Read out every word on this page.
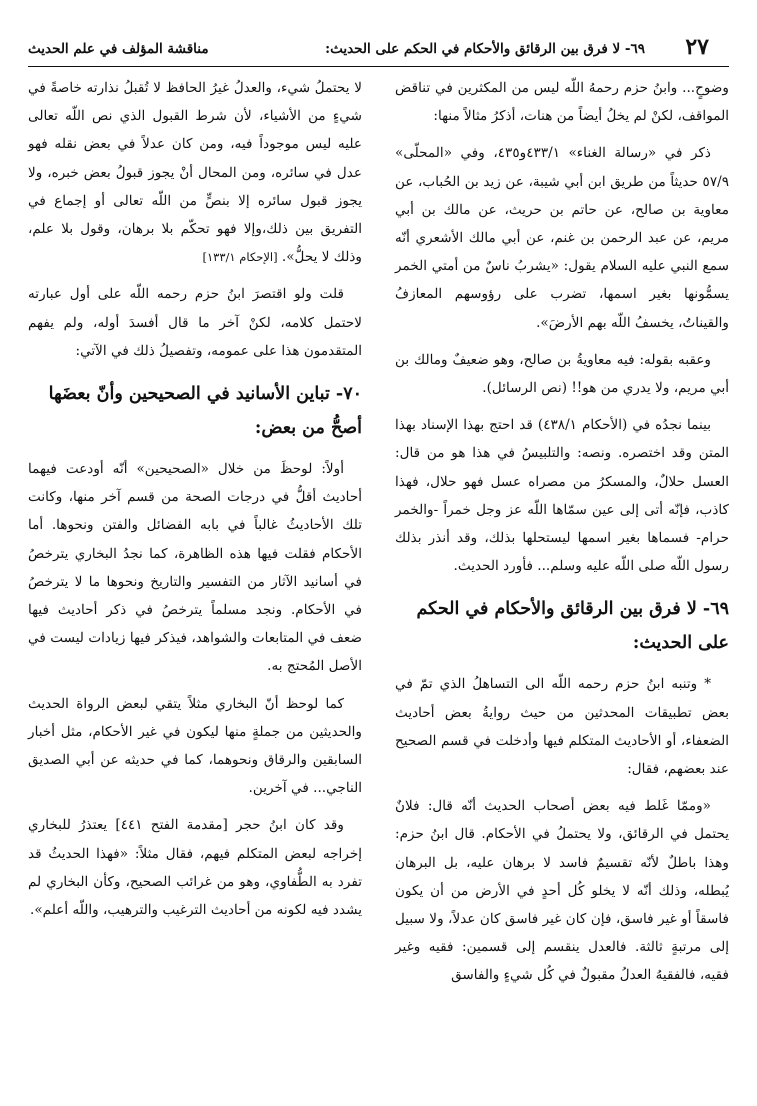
٢٧
٦٩- لا فرق بين الرقائق والأحكام في الحكم على الحديث:
مناقشة المؤلف في علم الحديث

وضوحٍ... وابنُ حزم رحمهُ اللّه ليس من المكثرين في تناقض المواقف، لكنْ لم يخلُ أيضاً من هنات، أذكرُ مثالاً منها:

ذكر في «رسالة الغناء» ٤٣٣/١و٤٣٥، وفي «المحلّى» ٥٧/٩ حديثاً من طريق ابن أبي شيبة، عن زيد بن الحُباب، عن معاوية بن صالح، عن حاتم بن حريث، عن مالك بن أبي مريم، عن عبد الرحمن بن غنم، عن أبي مالك الأشعري أنّه سمع النبي عليه السلام يقول: «يشربُ ناسٌ من أمتي الخمر يسمُّونها بغير اسمها، تضرب على رؤوسهم المعازفُ والقيناتُ، يخسفُ اللّه بهم الأرضَ».

وعقبه بقوله: فيه معاويةُ بن صالح، وهو ضعيفٌ ومالك بن أبي مريم، ولا يدري من هو!! (نص الرسائل).

بينما نجدُه في (الأحكام ٤٣٨/١) قد احتج بهذا الإسناد بهذا المتن وقد اختصره. ونصه: والتلبيسُ في هذا هو من قال: العسل حلالٌ، والمسكرُ من مصراه عسل فهو حلال، فهذا كاذب، فإنّه أتى إلى عين سمّاها اللّه عز وجل خمراً -والخمر حرام- فسماها بغير اسمها ليستحلها بذلك، وقد أنذر بذلك رسول اللّه صلى اللّه عليه وسلم... فأورد الحديث.

٦٩- لا فرق بين الرقائق والأحكام في الحكم على الحديث:

* وتنبه ابنُ حزم رحمه اللّه الى التساهلُ الذي تمّ في بعض تطبيقات المحدثين من حيث روايةُ بعض أحاديث الضعفاء، أو الأحاديث المتكلم فيها وأدخلت في قسم الصحيح عند بعضهم، فقال:

«وممّا غَلط فيه بعض أصحاب الحديث أنّه قال: فلانٌ يحتمل في الرقائق، ولا يحتملُ في الأحكام. قال ابنُ حزم: وهذا باطلٌ لأنّه تقسيمٌ فاسد لا برهان عليه، بل البرهان يُبطله، وذلك أنّه لا يخلو كُل أحدٍ في الأرض من أن يكون فاسقاً أو غير فاسق، فإن كان غير فاسق كان عدلاً، ولا سبيل إلى مرتبةٍ ثالثة. فالعدل ينقسم إلى قسمين: فقيه وغير فقيه، فالفقيهُ العدلُ مقبولٌ في كُل شيءٍ والفاسق

لا يحتملُ شيء، والعدلُ غيرُ الحافظ لا تُقبلُ نذارته خاصةً في شيءٍ من الأشياء، لأن شرط القبول الذي نص اللّه تعالى عليه ليس موجوداً فيه، ومن كان عدلاً في بعض نقله فهو عدل في سائره، ومن المحال أنْ يجوز قبولُ بعض خبره، ولا يجوز قبول سائره إلا بنصٍّ من اللّه تعالى أو إجماع في التفريق بين ذلك،وإلا فهو تحكّم بلا برهان، وقول بلا علم، وذلك لا يحلُّ». [الإحكام ١٣٣/١]

قلت ولو اقتصرَ ابنُ حزم رحمه اللّه على أول عبارته لاحتمل كلامه، لكنْ آخر ما قال أفسدَ أوله، ولم يفهم المتقدمون هذا على عمومه، وتفصيلُ ذلك في الآتي:

٧٠- تباين الأسانيد في الصحيحين وأنّ بعضَها أصحُّ من بعض:

أولاً: لوحظَ من خلال «الصحيحين» أنّه أودعت فيهما أحاديث أقلُّ في درجات الصحة من قسم آخر منها، وكانت تلك الأحاديثُ غالباً في بابه الفضائل والفتن ونحوها. أما الأحكام فقلت فيها هذه الظاهرة، كما نجدُ البخاري يترخصُ في أسانيد الآثار من التفسير والتاريخ ونحوها ما لا يترخصُ في الأحكام. ونجد مسلماً يترخصُ في ذكر أحاديث فيها ضعف في المتابعات والشواهد، فيذكر فيها زيادات ليست في الأصل المُحتج به.

كما لوحظ أنّ البخاري مثلاً يتقي لبعض الرواة الحديث والحديثين من جملةٍ منها ليكون في غير الأحكام، مثل أخبار السابقين والرقاق ونحوهما، كما في حديثه عن أبي الصديق الناجي... في آخرين.

وقد كان ابنُ حجر [مقدمة الفتح ٤٤١] يعتذرُ للبخاري إخراجه لبعض المتكلم فيهم، فقال مثلاً: «فهذا الحديثُ قد تفرد به الطُّفاوي، وهو من غرائب الصحيح، وكأن البخاري لم يشدد فيه لكونه من أحاديث الترغيب والترهيب، واللّه أعلم».
